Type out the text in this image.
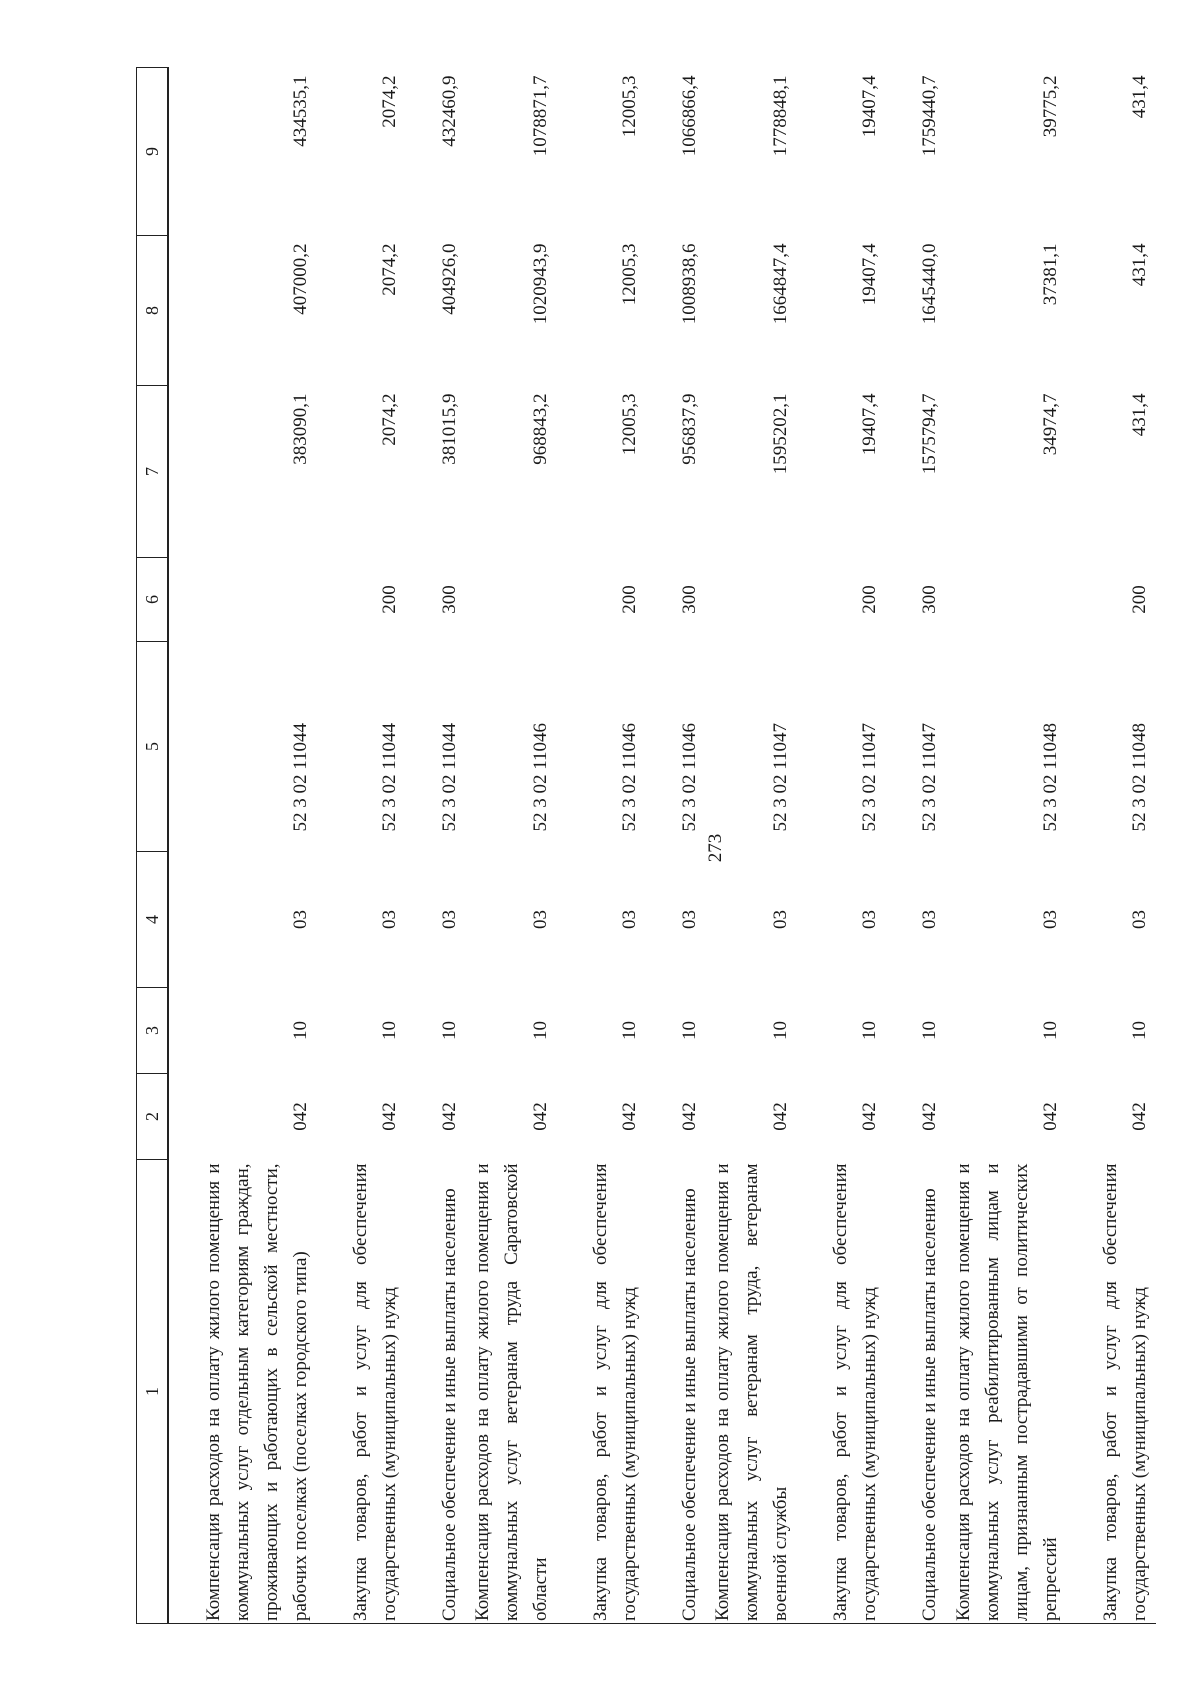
273
1	2	3	4	5	6	7	8	9
Компенсация расходов на оплату жилого помещения и коммунальных услуг отдельным категориям граждан, проживающих и работающих в сельской местности, рабочих поселках (поселках городского типа)	042	10	03	52 3 02 11044		383090,1	407000,2	434535,1
Закупка товаров, работ и услуг для обеспечения государственных (муниципальных) нужд	042	10	03	52 3 02 11044	200	2074,2	2074,2	2074,2
Социальное обеспечение и иные выплаты населению	042	10	03	52 3 02 11044	300	381015,9	404926,0	432460,9
Компенсация расходов на оплату жилого помещения и коммунальных услуг ветеранам труда Саратовской области	042	10	03	52 3 02 11046		968843,2	1020943,9	1078871,7
Закупка товаров, работ и услуг для обеспечения государственных (муниципальных) нужд	042	10	03	52 3 02 11046	200	12005,3	12005,3	12005,3
Социальное обеспечение и иные выплаты населению	042	10	03	52 3 02 11046	300	956837,9	1008938,6	1066866,4
Компенсация расходов на оплату жилого помещения и коммунальных услуг ветеранам труда, ветеранам военной службы	042	10	03	52 3 02 11047		1595202,1	1664847,4	1778848,1
Закупка товаров, работ и услуг для обеспечения государственных (муниципальных) нужд	042	10	03	52 3 02 11047	200	19407,4	19407,4	19407,4
Социальное обеспечение и иные выплаты населению	042	10	03	52 3 02 11047	300	1575794,7	1645440,0	1759440,7
Компенсация расходов на оплату жилого помещения и коммунальных услуг реабилитированным лицам и лицам, признанным пострадавшими от политических репрессий	042	10	03	52 3 02 11048		34974,7	37381,1	39775,2
Закупка товаров, работ и услуг для обеспечения государственных (муниципальных) нужд	042	10	03	52 3 02 11048	200	431,4	431,4	431,4
